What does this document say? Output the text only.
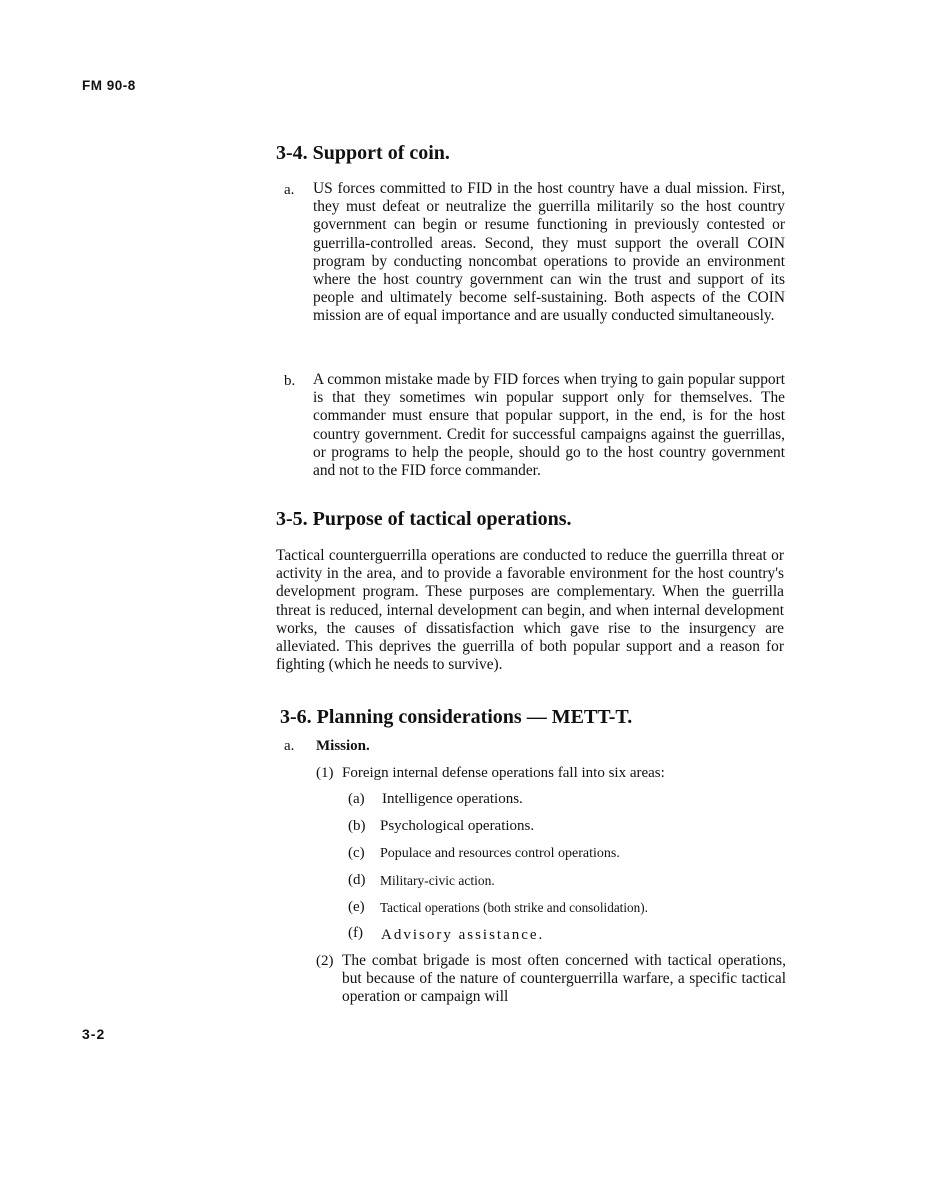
FM 90-8
3-4. Support of coin.
a. US forces committed to FID in the host country have a dual mission. First, they must defeat or neutralize the guerrilla militarily so the host country government can begin or resume functioning in previously contested or guerrilla-controlled areas. Second, they must support the overall COIN program by conducting noncombat operations to provide an environment where the host country government can win the trust and support of its people and ultimately become self-sustaining. Both aspects of the COIN mission are of equal importance and are usually conducted simultaneously.
b. A common mistake made by FID forces when trying to gain popular support is that they sometimes win popular support only for themselves. The commander must ensure that popular support, in the end, is for the host country government. Credit for successful campaigns against the guerrillas, or programs to help the people, should go to the host country government and not to the FID force commander.
3-5. Purpose of tactical operations.
Tactical counterguerrilla operations are conducted to reduce the guerrilla threat or activity in the area, and to provide a favorable environment for the host country's development program. These purposes are complementary. When the guerrilla threat is reduced, internal development can begin, and when internal development works, the causes of dissatisfaction which gave rise to the insurgency are alleviated. This deprives the guerrilla of both popular support and a reason for fighting (which he needs to survive).
3-6. Planning considerations — METT-T.
a. Mission.
(1) Foreign internal defense operations fall into six areas:
(a) Intelligence operations.
(b) Psychological operations.
(c) Populace and resources control operations.
(d) Military-civic action.
(e) Tactical operations (both strike and consolidation).
(f) Advisory assistance.
(2) The combat brigade is most often concerned with tactical operations, but because of the nature of counterguerrilla warfare, a specific tactical operation or campaign will
3-2
